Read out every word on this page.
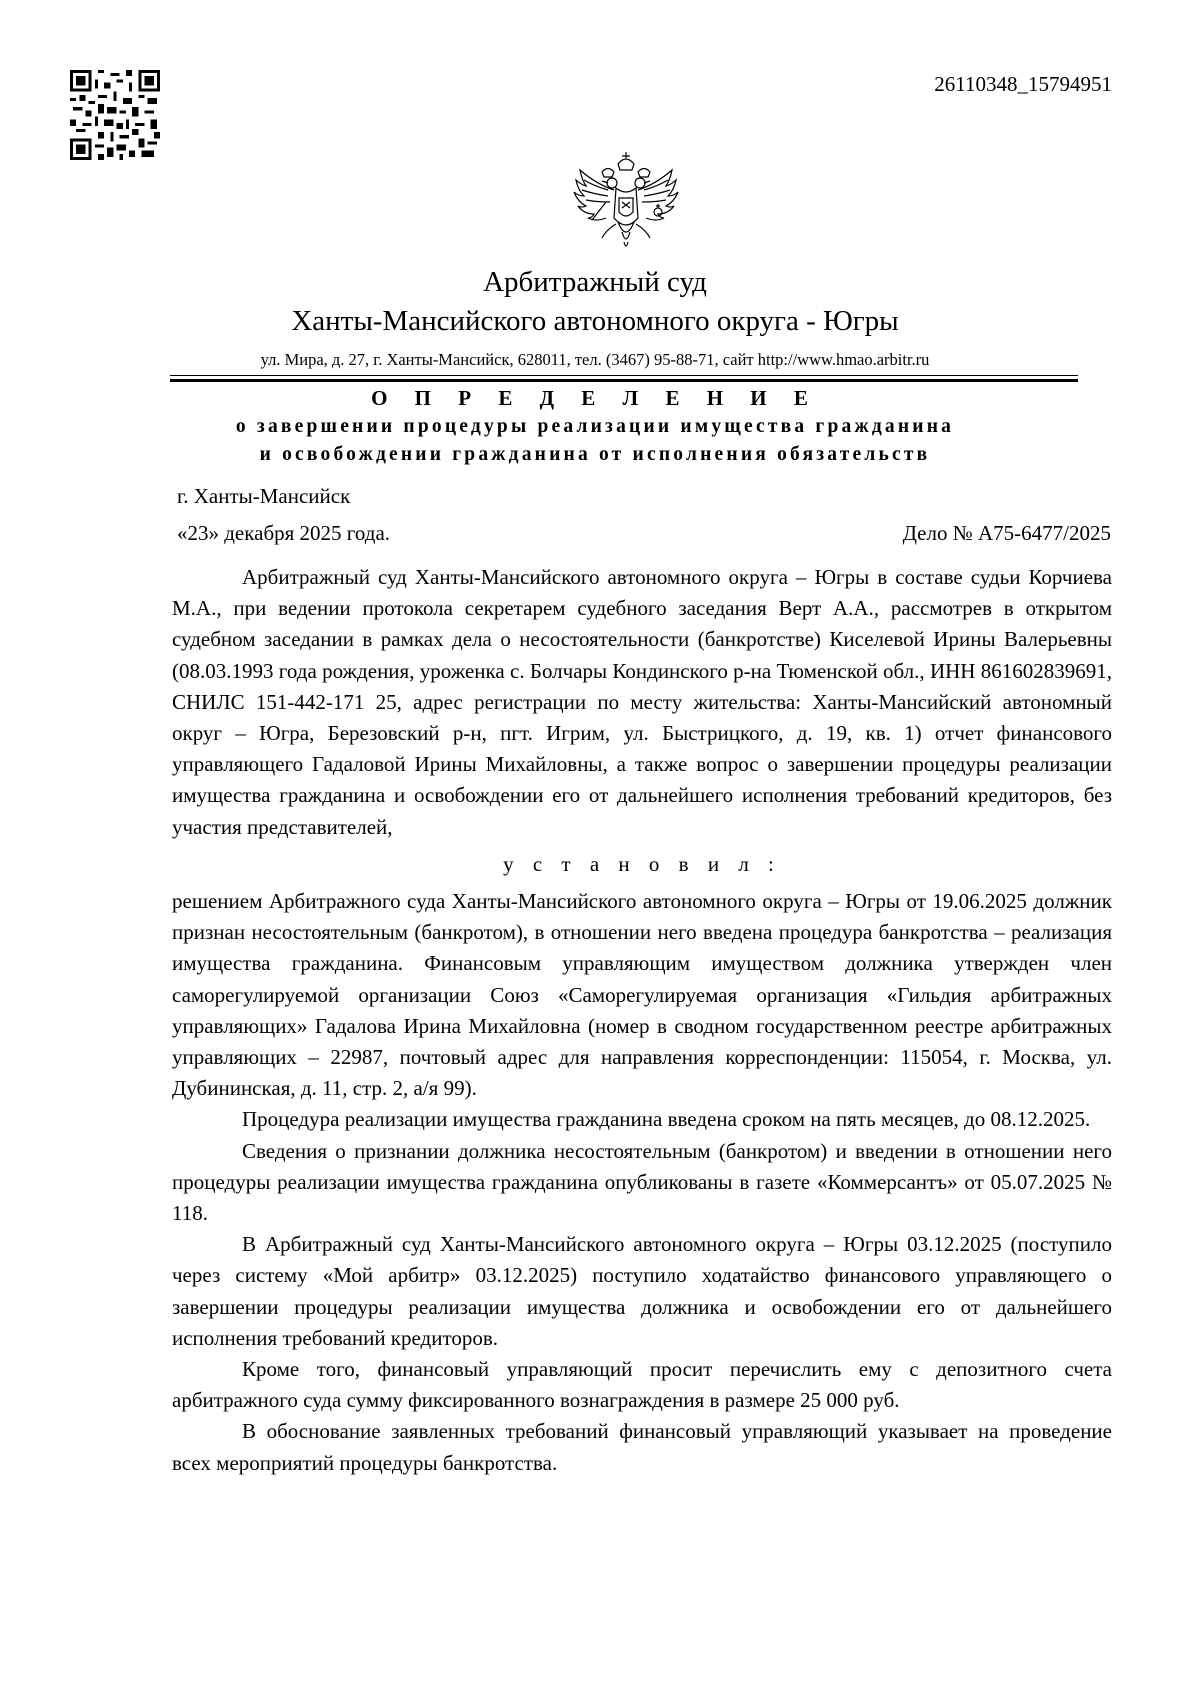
26110348_15794951
Арбитражный суд
Ханты-Мансийского автономного округа - Югры
ул. Мира, д. 27, г. Ханты-Мансийск, 628011, тел. (3467) 95-88-71, сайт http://www.hmao.arbitr.ru
О П Р Е Д Е Л Е Н И Е
о завершении процедуры реализации имущества гражданина
и освобождении гражданина от исполнения обязательств
г. Ханты-Мансийск
«23» декабря 2025 года.	Дело № А75-6477/2025

Арбитражный суд Ханты-Мансийского автономного округа – Югры в составе судьи Корчиева М.А., при ведении протокола секретарем судебного заседания Верт А.А., рассмотрев в открытом судебном заседании в рамках дела о несостоятельности (банкротстве) Киселевой Ирины Валерьевны (08.03.1993 года рождения, уроженка с. Болчары Кондинского р-на Тюменской обл., ИНН 861602839691, СНИЛС 151-442-171 25, адрес регистрации по месту жительства: Ханты-Мансийский автономный округ – Югра, Березовский р-н, пгт. Игрим, ул. Быстрицкого, д. 19, кв. 1) отчет финансового управляющего Гадаловой Ирины Михайловны, а также вопрос о завершении процедуры реализации имущества гражданина и освобождении его от дальнейшего исполнения требований кредиторов, без участия представителей,

у с т а н о в и л :

решением Арбитражного суда Ханты-Мансийского автономного округа – Югры от 19.06.2025 должник признан несостоятельным (банкротом), в отношении него введена процедура банкротства – реализация имущества гражданина. Финансовым управляющим имуществом должника утвержден член саморегулируемой организации Союз «Саморегулируемая организация «Гильдия арбитражных управляющих» Гадалова Ирина Михайловна (номер в сводном государственном реестре арбитражных управляющих – 22987, почтовый адрес для направления корреспонденции: 115054, г. Москва, ул. Дубининская, д. 11, стр. 2, а/я 99).

Процедура реализации имущества гражданина введена сроком на пять месяцев, до 08.12.2025.

Сведения о признании должника несостоятельным (банкротом) и введении в отношении него процедуры реализации имущества гражданина опубликованы в газете «Коммерсантъ» от 05.07.2025 № 118.

В Арбитражный суд Ханты-Мансийского автономного округа – Югры 03.12.2025 (поступило через систему «Мой арбитр» 03.12.2025) поступило ходатайство финансового управляющего о завершении процедуры реализации имущества должника и освобождении его от дальнейшего исполнения требований кредиторов.

Кроме того, финансовый управляющий просит перечислить ему с депозитного счета арбитражного суда сумму фиксированного вознаграждения в размере 25 000 руб.

В обоснование заявленных требований финансовый управляющий указывает на проведение всех мероприятий процедуры банкротства.
